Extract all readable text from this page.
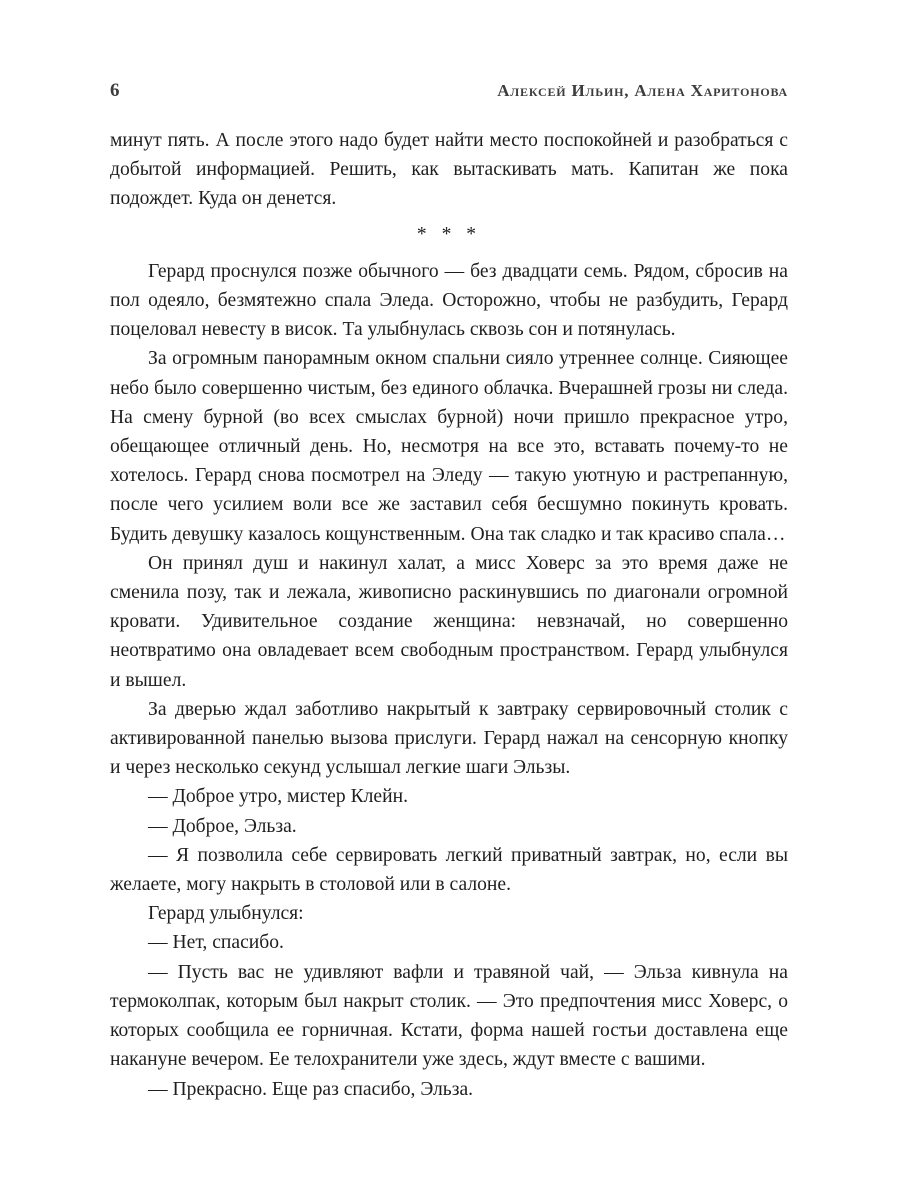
6	Алексей Ильин, Алена Харитонова

минут пять. А после этого надо будет найти место поспокойней и разобраться с добытой информацией. Решить, как вытаскивать мать. Капитан же пока подождет. Куда он денется.

* * *

Герард проснулся позже обычного — без двадцати семь. Рядом, сбросив на пол одеяло, безмятежно спала Эледа. Осторожно, чтобы не разбудить, Герард поцеловал невесту в висок. Та улыбнулась сквозь сон и потянулась.

За огромным панорамным окном спальни сияло утреннее солнце. Сияющее небо было совершенно чистым, без единого облачка. Вчерашней грозы ни следа. На смену бурной (во всех смыслах бурной) ночи пришло прекрасное утро, обещающее отличный день. Но, несмотря на все это, вставать почему-то не хотелось. Герард снова посмотрел на Эледу — такую уютную и растрепанную, после чего усилием воли все же заставил себя бесшумно покинуть кровать. Будить девушку казалось кощунственным. Она так сладко и так красиво спала…

Он принял душ и накинул халат, а мисс Ховерс за это время даже не сменила позу, так и лежала, живописно раскинувшись по диагонали огромной кровати. Удивительное создание женщина: невзначай, но совершенно неотвратимо она овладевает всем свободным пространством. Герард улыбнулся и вышел.

За дверью ждал заботливо накрытый к завтраку сервировочный столик с активированной панелью вызова прислуги. Герард нажал на сенсорную кнопку и через несколько секунд услышал легкие шаги Эльзы.

— Доброе утро, мистер Клейн.

— Доброе, Эльза.

— Я позволила себе сервировать легкий приватный завтрак, но, если вы желаете, могу накрыть в столовой или в салоне.

Герард улыбнулся:

— Нет, спасибо.

— Пусть вас не удивляют вафли и травяной чай, — Эльза кивнула на термоколпак, которым был накрыт столик. — Это предпочтения мисс Ховерс, о которых сообщила ее горничная. Кстати, форма нашей гостьи доставлена еще накануне вечером. Ее телохранители уже здесь, ждут вместе с вашими.

— Прекрасно. Еще раз спасибо, Эльза.
